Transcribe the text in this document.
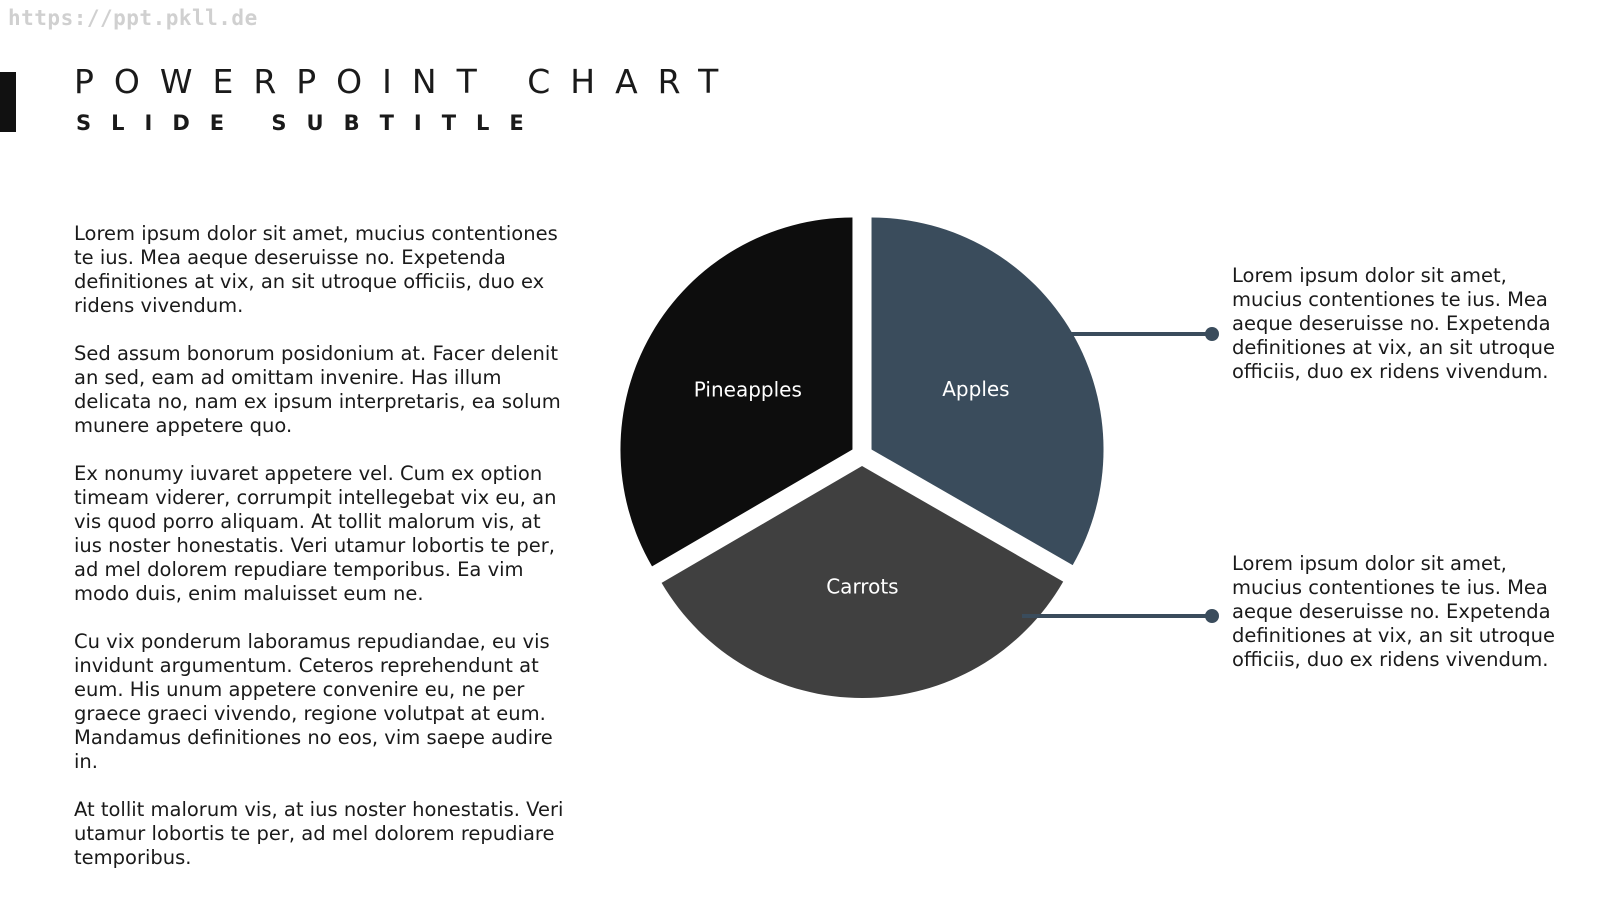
https://ppt.pkll.de
POWERPOINT CHART
SLIDE SUBTITLE

Lorem ipsum dolor sit amet, mucius contentiones te ius. Mea aeque deseruisse no. Expetenda definitiones at vix, an sit utroque officiis, duo ex ridens vivendum.

Sed assum bonorum posidonium at. Facer delenit an sed, eam ad omittam invenire. Has illum delicata no, nam ex ipsum interpretaris, ea solum munere appetere quo.

Ex nonumy iuvaret appetere vel. Cum ex option timeam viderer, corrumpit intellegebat vix eu, an vis quod porro aliquam. At tollit malorum vis, at ius noster honestatis. Veri utamur lobortis te per, ad mel dolorem repudiare temporibus. Ea vim modo duis, enim maluisset eum ne.

Cu vix ponderum laboramus repudiandae, eu vis invidunt argumentum. Ceteros reprehendunt at eum. His unum appetere convenire eu, ne per graece graeci vivendo, regione volutpat at eum. Mandamus definitiones no eos, vim saepe audire in.

At tollit malorum vis, at ius noster honestatis. Veri utamur lobortis te per, ad mel dolorem repudiare temporibus.

Apples
Carrots
Pineapples
Lorem ipsum dolor sit amet, mucius contentiones te ius. Mea aeque deseruisse no. Expetenda definitiones at vix, an sit utroque officiis, duo ex ridens vivendum.
Lorem ipsum dolor sit amet, mucius contentiones te ius. Mea aeque deseruisse no. Expetenda definitiones at vix, an sit utroque officiis, duo ex ridens vivendum.
